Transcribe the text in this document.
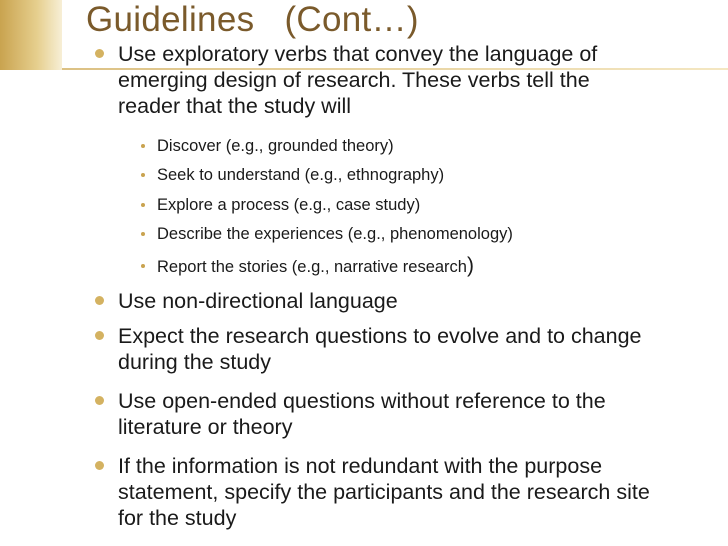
Guidelines   (Cont…)
Use exploratory verbs that convey the language of
emerging design of research. These verbs tell the
reader that the study will
Discover (e.g., grounded theory)
Seek to understand (e.g., ethnography)
Explore a process (e.g., case study)
Describe the experiences (e.g., phenomenology)
Report the stories (e.g., narrative research)
Use non-directional language
Expect the research questions to evolve and to change
during the study
Use open-ended questions without reference to the
literature or theory
If the information is not redundant with the purpose
statement, specify the participants and the research site
for the study
